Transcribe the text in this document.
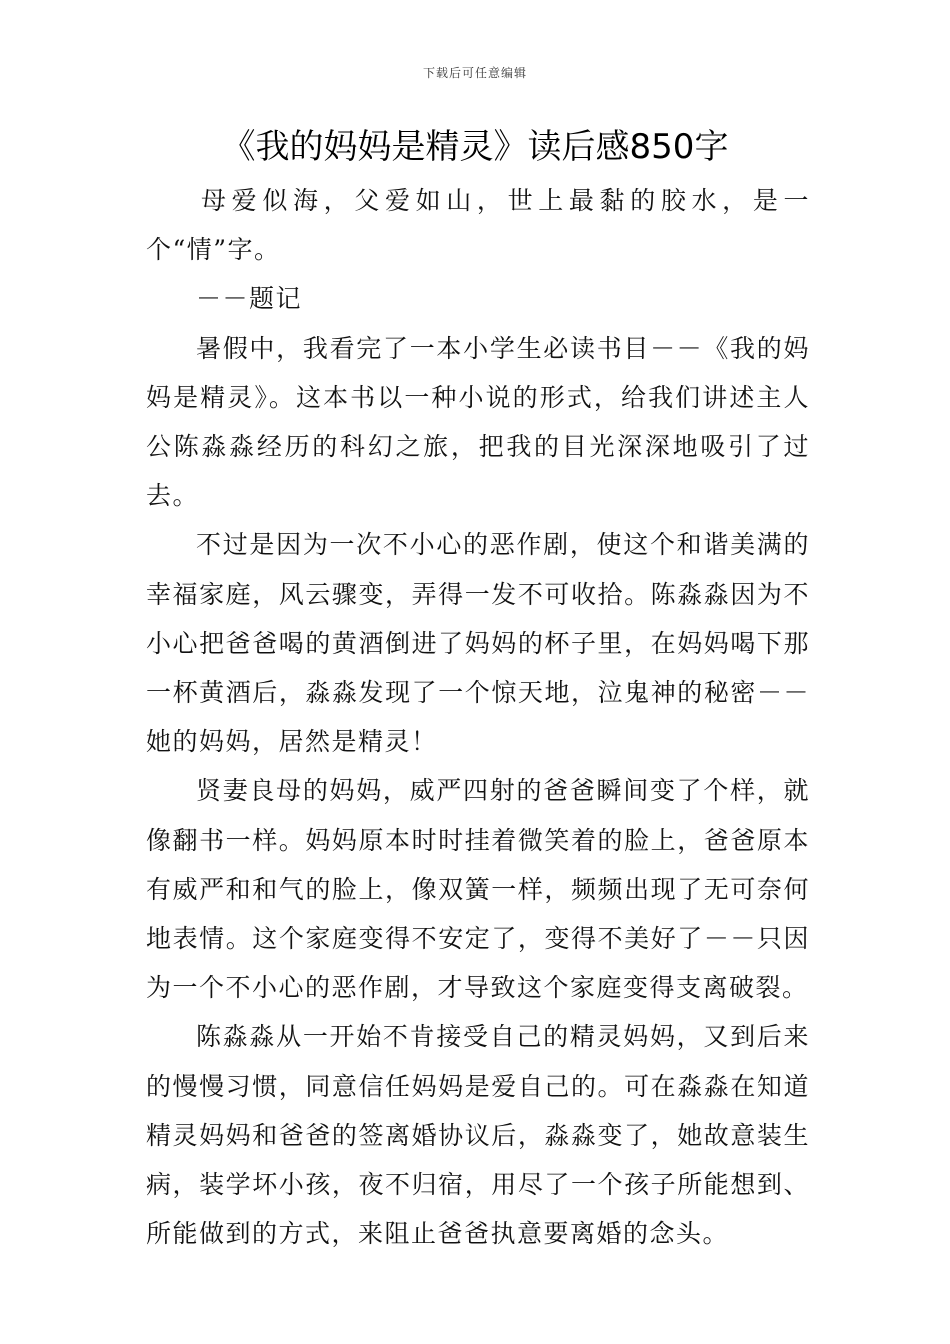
下载后可任意编辑
《我的妈妈是精灵》读后感850字

母爱似海，父爱如山，世上最黏的胶水，是一个“情”字。

－－题记

暑假中，我看完了一本小学生必读书目－－《我的妈妈是精灵》。这本书以一种小说的形式，给我们讲述主人公陈淼淼经历的科幻之旅，把我的目光深深地吸引了过去。

不过是因为一次不小心的恶作剧，使这个和谐美满的幸福家庭，风云骤变，弄得一发不可收拾。陈淼淼因为不小心把爸爸喝的黄酒倒进了妈妈的杯子里，在妈妈喝下那一杯黄酒后，淼淼发现了一个惊天地，泣鬼神的秘密－－她的妈妈，居然是精灵！

贤妻良母的妈妈，威严四射的爸爸瞬间变了个样，就像翻书一样。妈妈原本时时挂着微笑着的脸上，爸爸原本有威严和和气的脸上，像双簧一样，频频出现了无可奈何地表情。这个家庭变得不安定了，变得不美好了－－只因为一个不小心的恶作剧，才导致这个家庭变得支离破裂。

陈淼淼从一开始不肯接受自己的精灵妈妈，又到后来的慢慢习惯，同意信任妈妈是爱自己的。可在淼淼在知道精灵妈妈和爸爸的签离婚协议后，淼淼变了，她故意装生病，装学坏小孩，夜不归宿，用尽了一个孩子所能想到、所能做到的方式，来阻止爸爸执意要离婚的念头。
